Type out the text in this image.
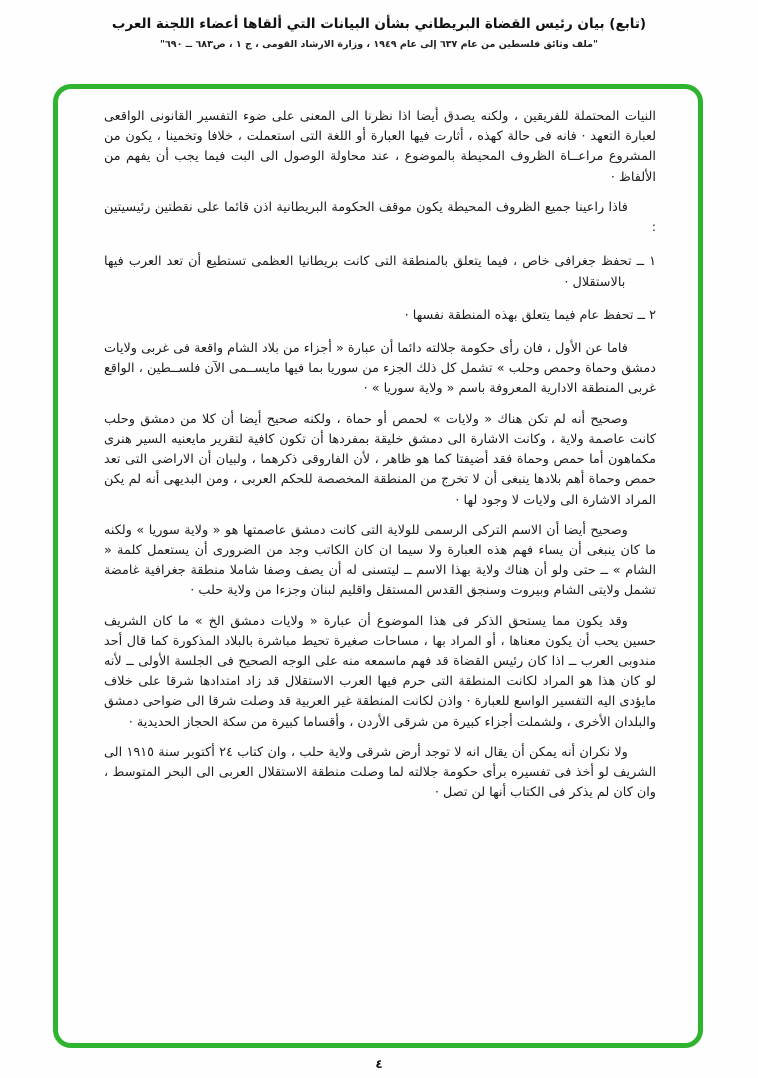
(تابع) بيان رئيس القضاة البريطاني بشأن البيانات التي ألقاها أعضاء اللجنة العرب
"ملف وثائق فلسطين من عام ٦٣٧ إلى عام ١٩٤٩ ، وزارة الارشاد القومى ، ج ١ ، ص٦٨٣ ــ ٦٩٠"

النيات المحتملة للفريقين ، ولكنه يصدق أيضا اذا نظرنا الى المعنى على ضوء التفسير القانونى الواقعى لعبارة التعهد · فانه فى حالة كهذه ، أثارت فيها العبارة أو اللغة التى استعملت ، خلافا وتخمينا ، يكون من المشروع مراعــاة الظروف المحيطة بالموضوع ، عند محاولة الوصول الى البت فيما يجب أن يفهم من الألفاظ ·

فاذا راعينا جميع الظروف المحيطة يكون موقف الحكومة البريطانية اذن قائما على نقطتين رئيسيتين :

١ ــ تحفظ جغرافى خاص ، فيما يتعلق بالمنطقة التى كانت بريطانيا العظمى تستطيع أن تعد العرب فيها بالاستقلال ·

٢ ــ تحفظ عام فيما يتعلق بهذه المنطقة نفسها ·

فاما عن الأول ، فان رأى حكومة جلالته دائما أن عبارة « أجزاء من بلاد الشام واقعة فى غربى ولايات دمشق وحماة وحمص وحلب » تشمل كل ذلك الجزء من سوريا بما فيها مايســمى الآن فلســطين ، الواقع غربى المنطقة الادارية المعروفة باسم « ولاية سوريا » ·

وصحيح أنه لم تكن هناك « ولايات » لحمص أو حماة ، ولكنه صحيح أيضا أن كلا من دمشق وحلب كانت عاصمة ولاية ، وكانت الاشارة الى دمشق خليقة بمفردها أن تكون كافية لتقرير مايعنيه السير هنرى مكماهون أما حمص وحماة فقد أضيفتا كما هو ظاهر ، لأن الفاروقى ذكرهما ، ولبيان أن الاراضى التى تعد حمص وحماة أهم بلادها ينبغى أن لا تخرج من المنطقة المخصصة للحكم العربى ، ومن البديهى أنه لم يكن المراد الاشارة الى ولايات لا وجود لها ·

وصحيح أيضا أن الاسم التركى الرسمى للولاية التى كانت دمشق عاصمتها هو « ولاية سوريا » ولكنه ما كان ينبغى أن يساء فهم هذه العبارة ولا سيما ان كان الكاتب وجد من الضرورى أن يستعمل كلمة « الشام » ــ حتى ولو أن هناك ولاية بهذا الاسم ــ ليتسنى له أن يصف وصفا شاملا منطقة جغرافية غامضة تشمل ولايتى الشام وبيروت وسنجق القدس المستقل واقليم لبنان وجزءا من ولاية حلب ·

وقد يكون مما يستحق الذكر فى هذا الموضوع أن عبارة « ولايات دمشق الخ » ما كان الشريف حسين يحب أن يكون معناها ، أو المراد بها ، مساحات صغيرة تحيط مباشرة بالبلاد المذكورة كما قال أحد مندوبى العرب ــ اذا كان رئيس القضاة قد فهم ماسمعه منه على الوجه الصحيح فى الجلسة الأولى ــ لأنه لو كان هذا هو المراد لكانت المنطقة التى حرم فيها العرب الاستقلال قد زاد امتدادها شرقا على خلاف مايؤدى اليه التفسير الواسع للعبارة · واذن لكانت المنطقة غير العربية قد وصلت شرقا الى ضواحى دمشق والبلدان الأخرى ، ولشملت أجزاء كبيرة من شرقى الأردن ، وأقساما كبيرة من سكة الحجاز الحديدية ·

ولا نكران أنه يمكن أن يقال انه لا توجد أرض شرقى ولاية حلب ، وان كتاب ٢٤ أكتوبر سنة ١٩١٥ الى الشريف لو أخذ فى تفسيره برأى حكومة جلالته لما وصلت منطقة الاستقلال العربى الى البحر المتوسط ، وان كان لم يذكر فى الكتاب أنها لن تصل ·

٤
